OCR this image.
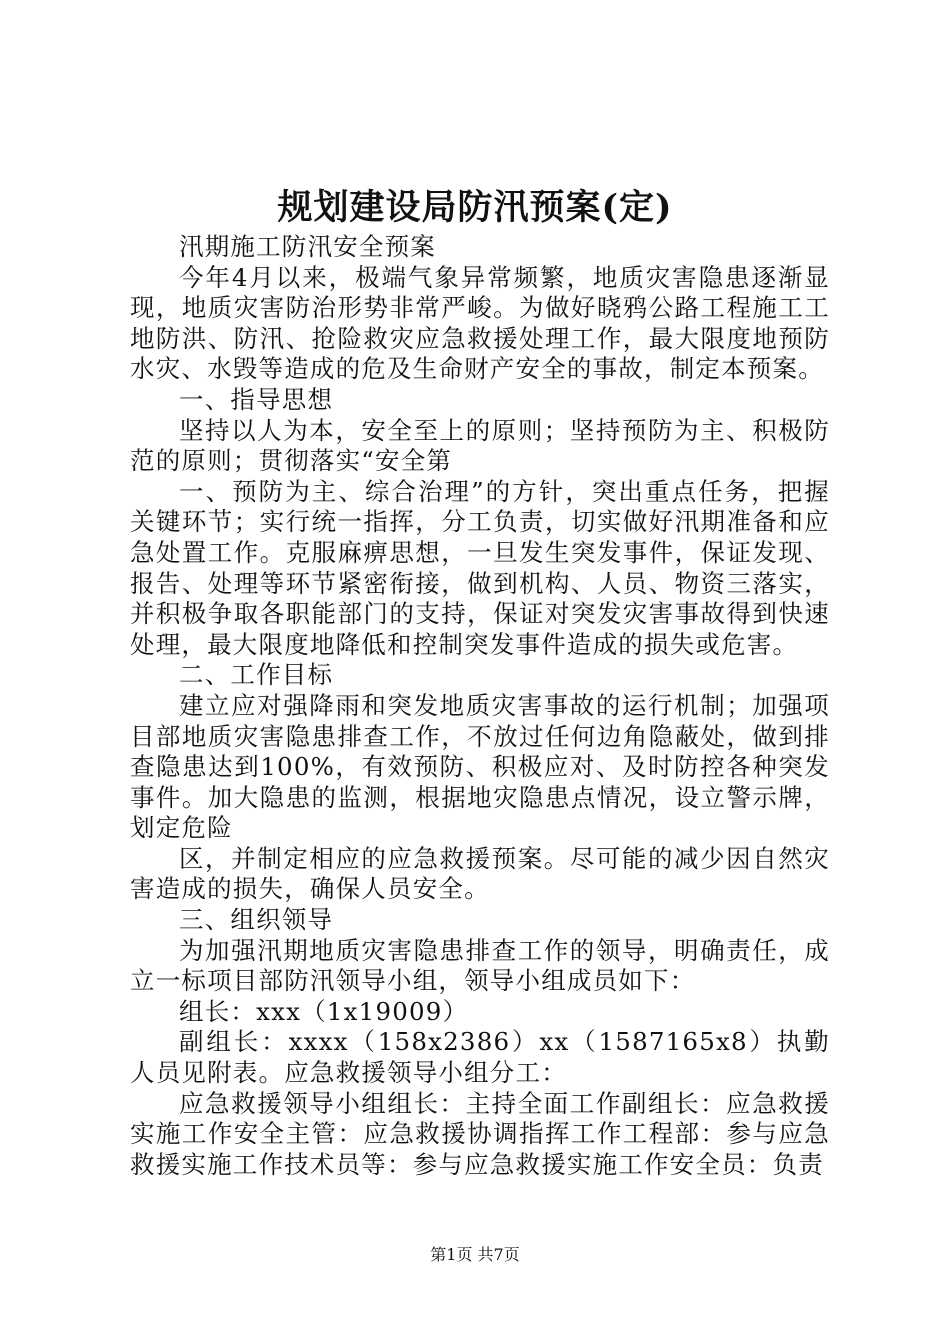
规划建设局防汛预案(定)

汛期施工防汛安全预案

今年4月以来，极端气象异常频繁，地质灾害隐患逐渐显现，地质灾害防治形势非常严峻。为做好晓鸦公路工程施工工地防洪、防汛、抢险救灾应急救援处理工作，最大限度地预防水灾、水毁等造成的危及生命财产安全的事故，制定本预案。

一、指导思想

坚持以人为本，安全至上的原则；坚持预防为主、积极防范的原则；贯彻落实“安全第

一、预防为主、综合治理”的方针，突出重点任务，把握关键环节；实行统一指挥，分工负责，切实做好汛期准备和应急处置工作。克服麻痹思想，一旦发生突发事件，保证发现、报告、处理等环节紧密衔接，做到机构、人员、物资三落实，并积极争取各职能部门的支持，保证对突发灾害事故得到快速处理，最大限度地降低和控制突发事件造成的损失或危害。

二、工作目标

建立应对强降雨和突发地质灾害事故的运行机制；加强项目部地质灾害隐患排查工作，不放过任何边角隐蔽处，做到排查隐患达到100%，有效预防、积极应对、及时防控各种突发事件。加大隐患的监测，根据地灾隐患点情况，设立警示牌，划定危险

区，并制定相应的应急救援预案。尽可能的减少因自然灾害造成的损失，确保人员安全。

三、组织领导

为加强汛期地质灾害隐患排查工作的领导，明确责任，成立一标项目部防汛领导小组，领导小组成员如下：

组长：xxx（1x19009）

副组长：xxxx（158x2386）xx（1587165x8）执勤人员见附表。应急救援领导小组分工：

应急救援领导小组组长：主持全面工作副组长：应急救援实施工作安全主管：应急救援协调指挥工作工程部：参与应急救援实施工作技术员等：参与应急救援实施工作安全员：负责

第1页 共7页
